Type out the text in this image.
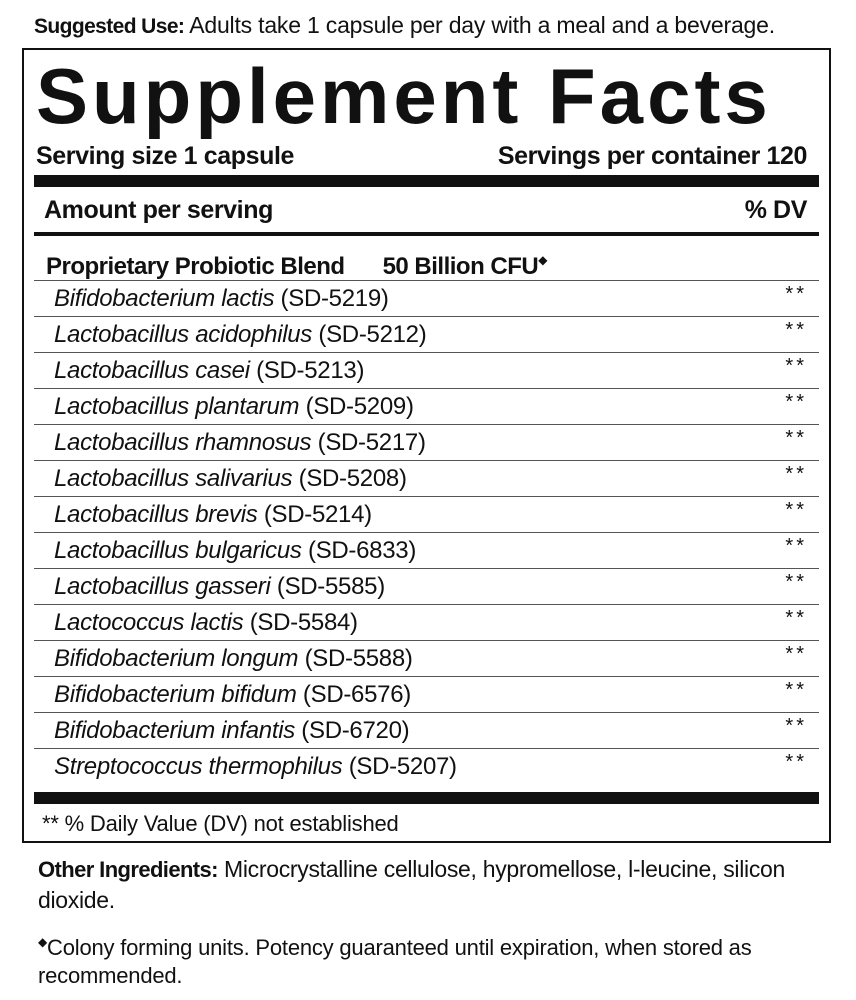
Suggested Use: Adults take 1 capsule per day with a meal and a beverage.
Supplement Facts
Serving size 1 capsule	Servings per container 120
Amount per serving	% DV
Proprietary Probiotic Blend 50 Billion CFU◆
Bifidobacterium lactis (SD-5219)	**
Lactobacillus acidophilus (SD-5212)	**
Lactobacillus casei (SD-5213)	**
Lactobacillus plantarum (SD-5209)	**
Lactobacillus rhamnosus (SD-5217)	**
Lactobacillus salivarius (SD-5208)	**
Lactobacillus brevis (SD-5214)	**
Lactobacillus bulgaricus (SD-6833)	**
Lactobacillus gasseri (SD-5585)	**
Lactococcus lactis (SD-5584)	**
Bifidobacterium longum (SD-5588)	**
Bifidobacterium bifidum (SD-6576)	**
Bifidobacterium infantis (SD-6720)	**
Streptococcus thermophilus (SD-5207)	**
** % Daily Value (DV) not established
Other Ingredients: Microcrystalline cellulose, hypromellose, l-leucine, silicon dioxide.
◆Colony forming units. Potency guaranteed until expiration, when stored as recommended.
